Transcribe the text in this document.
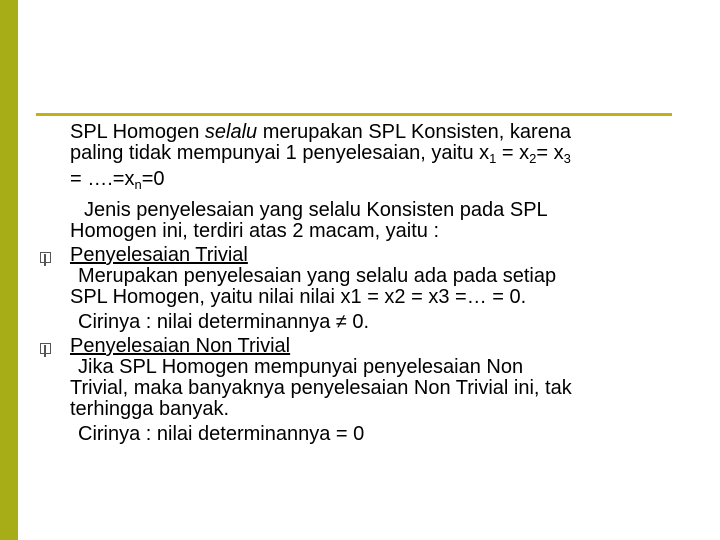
SPL Homogen selalu merupakan SPL Konsisten, karena
paling tidak mempunyai 1 penyelesaian, yaitu $x_1 = x_2= x_3$
= $\dots.=x_n=0$
Jenis penyelesaian yang selalu Konsisten pada SPL
Homogen ini, terdiri atas 2 macam, yaitu :
Penyelesaian Trivial
Merupakan penyelesaian yang selalu ada pada setiap
SPL Homogen, yaitu nilai nilai x1 = x2 = x3 =… = 0.
Cirinya : nilai determinannya ≠ 0.
Penyelesaian Non Trivial
Jika SPL Homogen mempunyai penyelesaian Non
Trivial, maka banyaknya penyelesaian Non Trivial ini, tak
terhingga banyak.
Cirinya : nilai determinannya = 0
